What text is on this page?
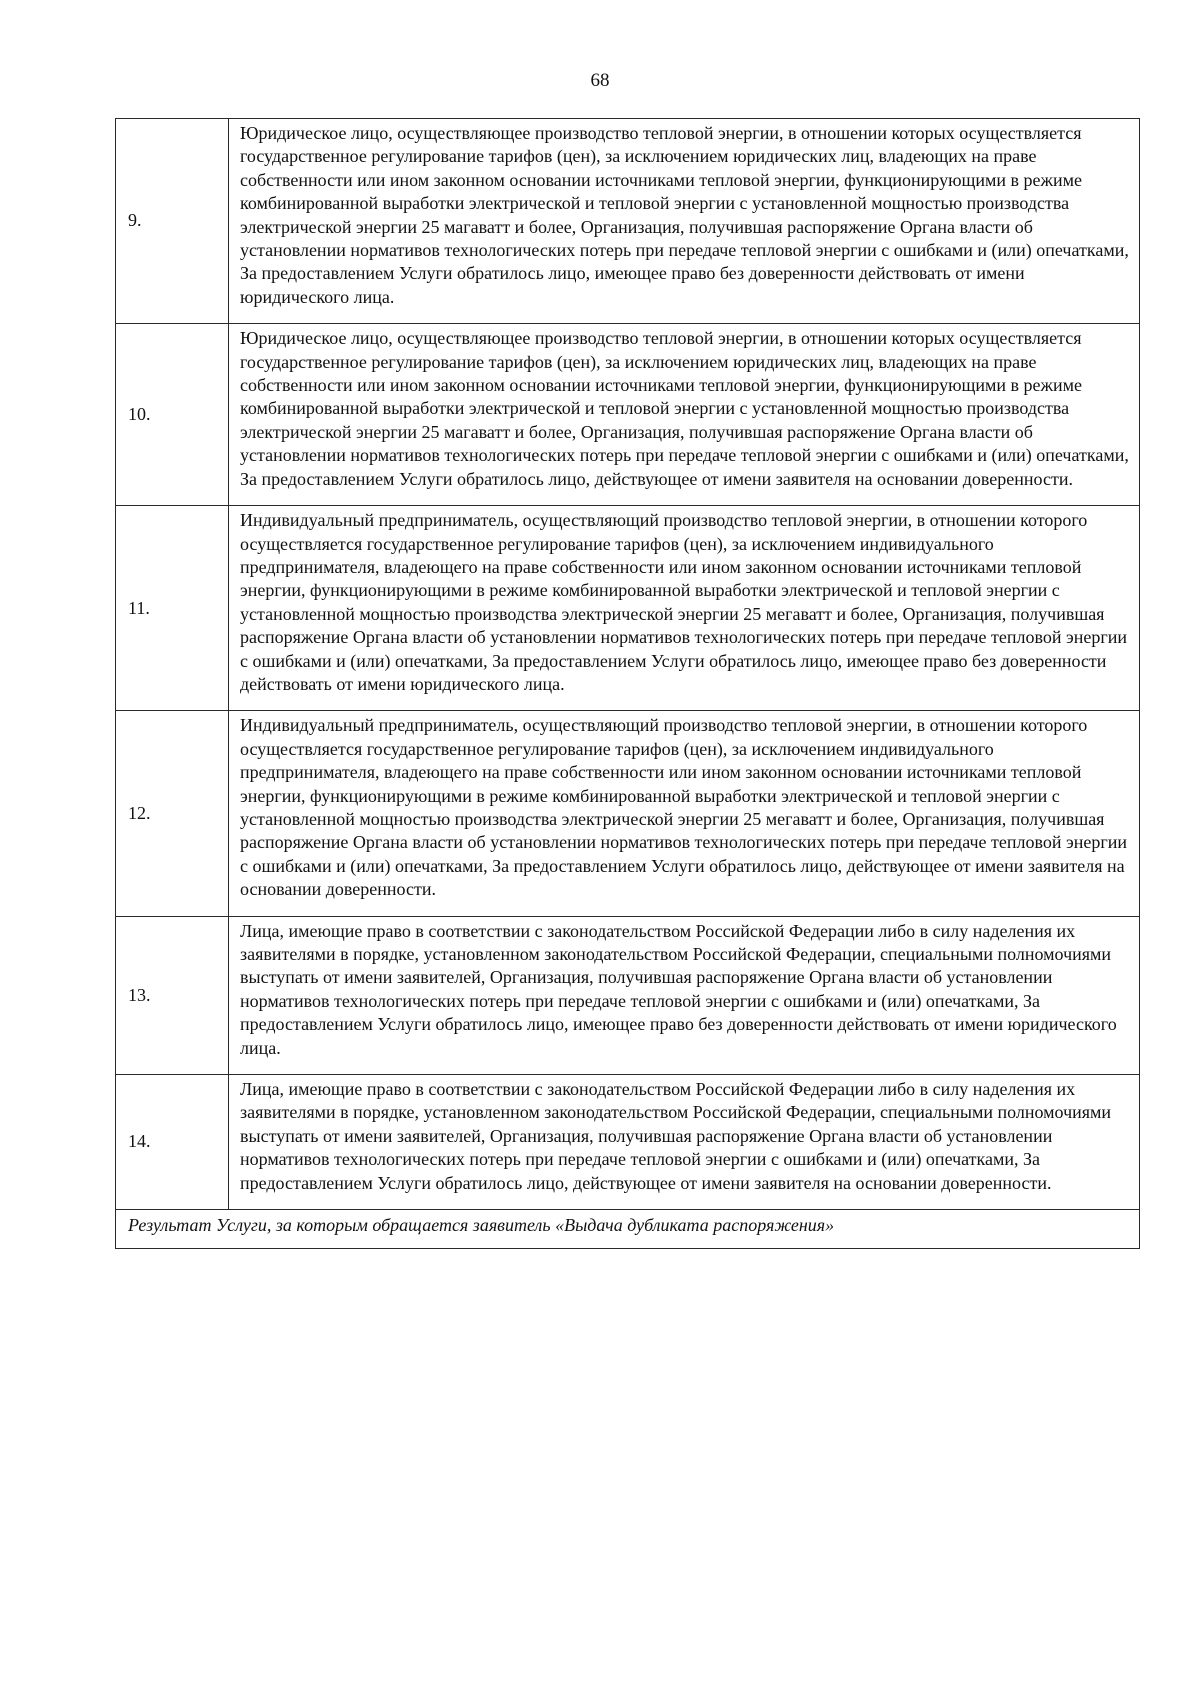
68
9.	Юридическое лицо, осуществляющее производство тепловой энергии, в отношении которых осуществляется государственное регулирование тарифов (цен), за исключением юридических лиц, владеющих на праве собственности или ином законном основании источниками тепловой энергии, функционирующими в режиме комбинированной выработки электрической и тепловой энергии с установленной мощностью производства электрической энергии 25 магаватт и более, Организация, получившая распоряжение Органа власти об установлении нормативов технологических потерь при передаче тепловой энергии с ошибками и (или) опечатками, За предоставлением Услуги обратилось лицо, имеющее право без доверенности действовать от имени юридического лица.
10.	Юридическое лицо, осуществляющее производство тепловой энергии, в отношении которых осуществляется государственное регулирование тарифов (цен), за исключением юридических лиц, владеющих на праве собственности или ином законном основании источниками тепловой энергии, функционирующими в режиме комбинированной выработки электрической и тепловой энергии с установленной мощностью производства электрической энергии 25 магаватт и более, Организация, получившая распоряжение Органа власти об установлении нормативов технологических потерь при передаче тепловой энергии с ошибками и (или) опечатками, За предоставлением Услуги обратилось лицо, действующее от имени заявителя на основании доверенности.
11.	Индивидуальный предприниматель, осуществляющий производство тепловой энергии, в отношении которого осуществляется государственное регулирование тарифов (цен), за исключением индивидуального предпринимателя, владеющего на праве собственности или ином законном основании источниками тепловой энергии, функционирующими в режиме комбинированной выработки электрической и тепловой энергии с установленной мощностью производства электрической энергии 25 мегаватт и более, Организация, получившая распоряжение Органа власти об установлении нормативов технологических потерь при передаче тепловой энергии с ошибками и (или) опечатками, За предоставлением Услуги обратилось лицо, имеющее право без доверенности действовать от имени юридического лица.
12.	Индивидуальный предприниматель, осуществляющий производство тепловой энергии, в отношении которого осуществляется государственное регулирование тарифов (цен), за исключением индивидуального предпринимателя, владеющего на праве собственности или ином законном основании источниками тепловой энергии, функционирующими в режиме комбинированной выработки электрической и тепловой энергии с установленной мощностью производства электрической энергии 25 мегаватт и более, Организация, получившая распоряжение Органа власти об установлении нормативов технологических потерь при передаче тепловой энергии с ошибками и (или) опечатками, За предоставлением Услуги обратилось лицо, действующее от имени заявителя на основании доверенности.
13.	Лица, имеющие право в соответствии с законодательством Российской Федерации либо в силу наделения их заявителями в порядке, установленном законодательством Российской Федерации, специальными полномочиями выступать от имени заявителей, Организация, получившая распоряжение Органа власти об установлении нормативов технологических потерь при передаче тепловой энергии с ошибками и (или) опечатками, За предоставлением Услуги обратилось лицо, имеющее право без доверенности действовать от имени юридического лица.
14.	Лица, имеющие право в соответствии с законодательством Российской Федерации либо в силу наделения их заявителями в порядке, установленном законодательством Российской Федерации, специальными полномочиями выступать от имени заявителей, Организация, получившая распоряжение Органа власти об установлении нормативов технологических потерь при передаче тепловой энергии с ошибками и (или) опечатками, За предоставлением Услуги обратилось лицо, действующее от имени заявителя на основании доверенности.
Результат Услуги, за которым обращается заявитель «Выдача дубликата распоряжения»	
